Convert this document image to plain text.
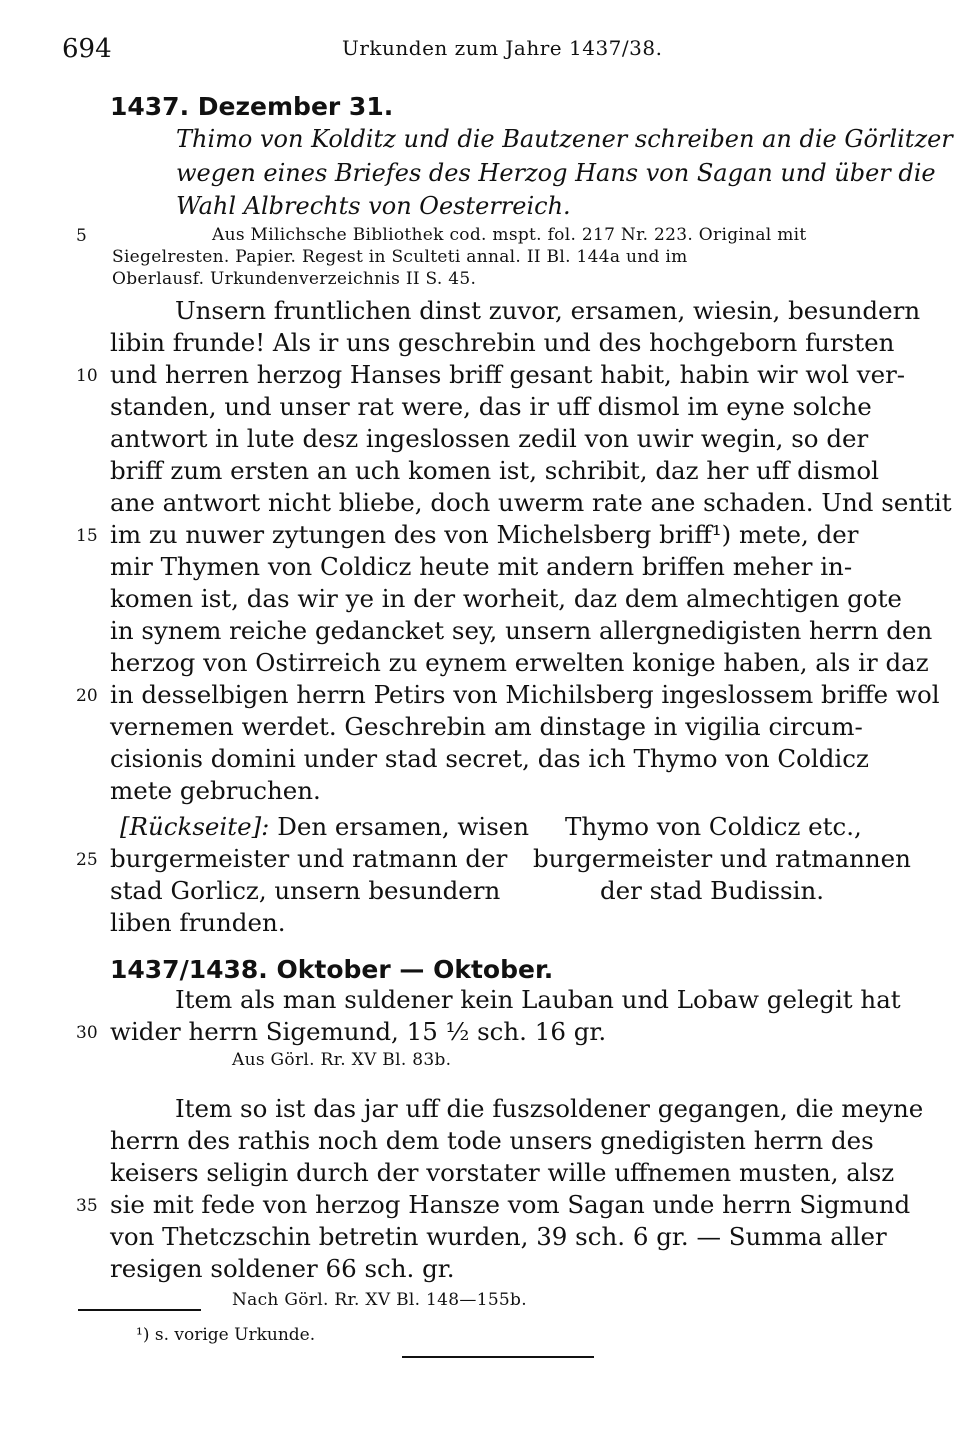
694	Urkunden zum Jahre 1437/38.
1437. Dezember 31.
Thimo von Kolditz und die Bautzener schreiben an die Görlitzer
wegen eines Briefes des Herzog Hans von Sagan und über die
Wahl Albrechts von Oesterreich.
5	Aus Milichsche Bibliothek cod. mspt. fol. 217 Nr. 223. Original mit
Siegelresten. Papier. Regest in Sculteti annal. II Bl. 144a und im
Oberlausf. Urkundenverzeichnis II S. 45.
Unsern fruntlichen dinst zuvor, ersamen, wiesin, besundern
libin frunde! Als ir uns geschrebin und des hochgeborn fursten
10 und herren herzog Hanses briff gesant habit, habin wir wol ver-
standen, und unser rat were, das ir uff dismol im eyne solche
antwort in lute desz ingeslossen zedil von uwir wegin, so der
briff zum ersten an uch komen ist, schribit, daz her uff dismol
ane antwort nicht bliebe, doch uwerm rate ane schaden. Und sentit
15 im zu nuwer zytungen des von Michelsberg briff¹) mete, der
mir Thymen von Coldicz heute mit andern briffen meher in-
komen ist, das wir ye in der worheit, daz dem almechtigen gote
in synem reiche gedancket sey, unsern allergnedigisten herrn den
herzog von Ostirreich zu eynem erwelten konige haben, als ir daz
20 in desselbigen herrn Petirs von Michilsberg ingeslossem briffe wol
vernemen werdet. Geschrebin am dinstage in vigilia circum-
cisionis domini under stad secret, das ich Thymo von Coldicz
mete gebruchen.
[Rückseite]: Den ersamen, wisen
25 burgermeister und ratmann der
stad Gorlicz, unsern besundern
liben frunden.
Thymo von Coldicz etc.,
burgermeister und ratmannen
der stad Budissin.
1437/1438. Oktober — Oktober.
Item als man suldener kein Lauban und Lobaw gelegit hat
30 wider herrn Sigemund, 15 ½ sch. 16 gr.
Aus Görl. Rr. XV Bl. 83b.
Item so ist das jar uff die fuszsoldener gegangen, die meyne
herrn des rathis noch dem tode unsers gnedigisten herrn des
keisers seligin durch der vorstater wille uffnemen musten, alsz
35 sie mit fede von herzog Hansze vom Sagan unde herrn Sigmund
von Thetczschin betretin wurden, 39 sch. 6 gr. — Summa aller
resigen soldener 66 sch. gr.
Nach Görl. Rr. XV Bl. 148—155b.
¹) s. vorige Urkunde.
